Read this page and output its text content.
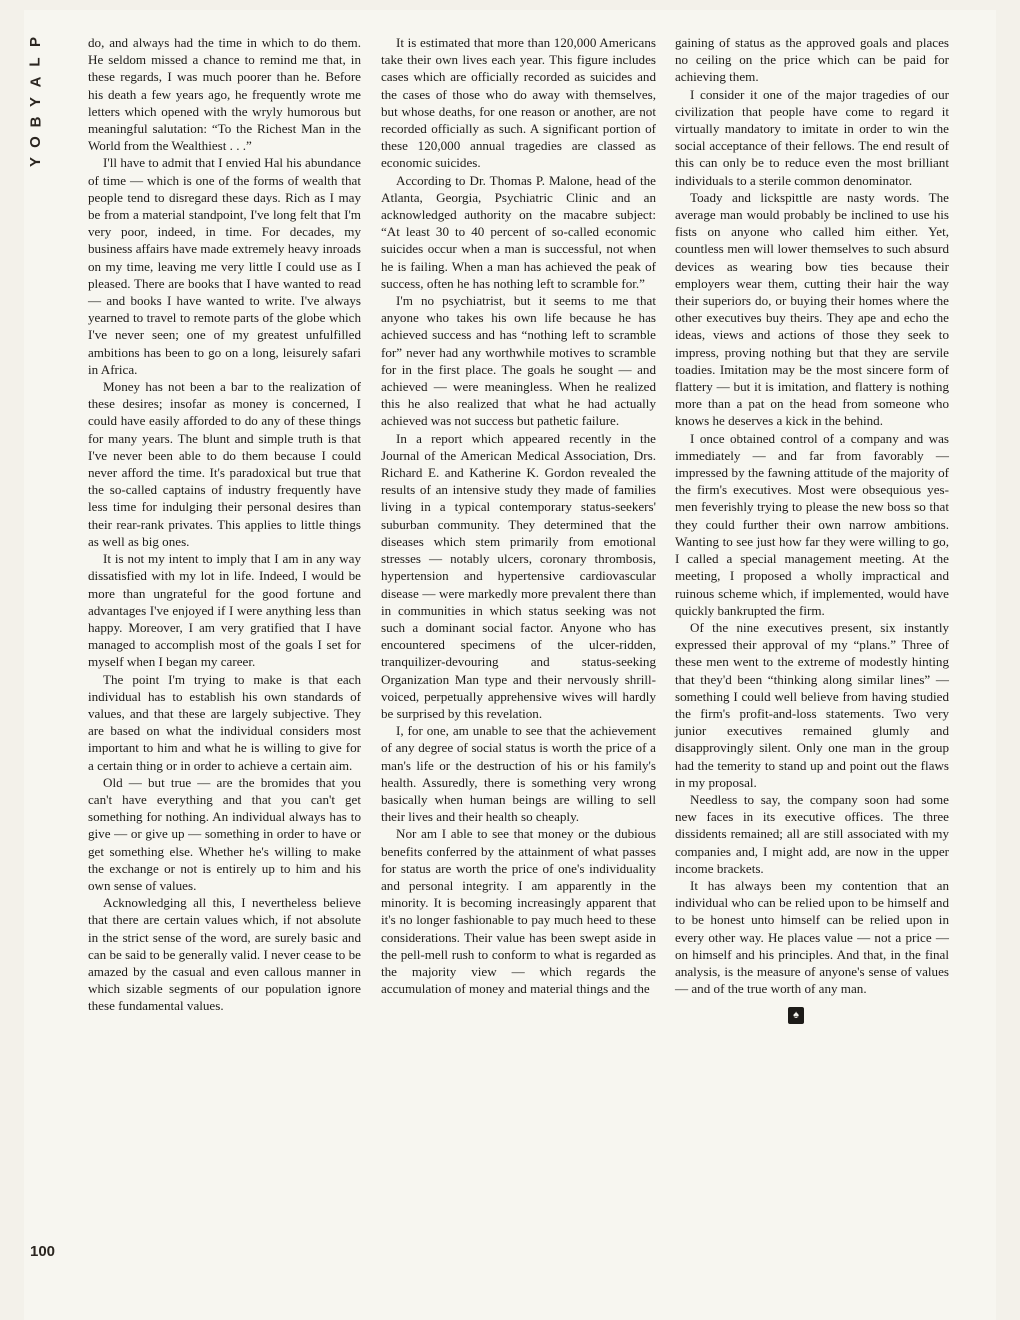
P
L
A
Y
B
O
Y
100

do, and always had the time in which to do them. He seldom missed a chance to remind me that, in these regards, I was much poorer than he. Before his death a few years ago, he frequently wrote me letters which opened with the wryly humorous but meaningful salutation: “To the Richest Man in the World from the Wealthiest . . .”

I'll have to admit that I envied Hal his abundance of time — which is one of the forms of wealth that people tend to disregard these days. Rich as I may be from a material standpoint, I've long felt that I'm very poor, indeed, in time. For decades, my business affairs have made extremely heavy inroads on my time, leaving me very little I could use as I pleased. There are books that I have wanted to read — and books I have wanted to write. I've always yearned to travel to remote parts of the globe which I've never seen; one of my greatest unfulfilled ambitions has been to go on a long, leisurely safari in Africa.

Money has not been a bar to the realization of these desires; insofar as money is concerned, I could have easily afforded to do any of these things for many years. The blunt and simple truth is that I've never been able to do them because I could never afford the time. It's paradoxical but true that the so-called captains of industry frequently have less time for indulging their personal desires than their rear-rank privates. This applies to little things as well as big ones.

It is not my intent to imply that I am in any way dissatisfied with my lot in life. Indeed, I would be more than ungrateful for the good fortune and advantages I've enjoyed if I were anything less than happy. Moreover, I am very gratified that I have managed to accomplish most of the goals I set for myself when I began my career.

The point I'm trying to make is that each individual has to establish his own standards of values, and that these are largely subjective. They are based on what the individual considers most important to him and what he is willing to give for a certain thing or in order to achieve a certain aim.

Old — but true — are the bromides that you can't have everything and that you can't get something for nothing. An individual always has to give — or give up — something in order to have or get something else. Whether he's willing to make the exchange or not is entirely up to him and his own sense of values.

Acknowledging all this, I nevertheless believe that there are certain values which, if not absolute in the strict sense of the word, are surely basic and can be said to be generally valid. I never cease to be amazed by the casual and even callous manner in which sizable segments of our population ignore these fundamental values.

It is estimated that more than 120,000 Americans take their own lives each year. This figure includes cases which are officially recorded as suicides and the cases of those who do away with themselves, but whose deaths, for one reason or another, are not recorded officially as such. A significant portion of these 120,000 annual tragedies are classed as economic suicides.

According to Dr. Thomas P. Malone, head of the Atlanta, Georgia, Psychiatric Clinic and an acknowledged authority on the macabre subject: “At least 30 to 40 percent of so-called economic suicides occur when a man is successful, not when he is failing. When a man has achieved the peak of success, often he has nothing left to scramble for.”

I'm no psychiatrist, but it seems to me that anyone who takes his own life because he has achieved success and has “nothing left to scramble for” never had any worthwhile motives to scramble for in the first place. The goals he sought — and achieved — were meaningless. When he realized this he also realized that what he had actually achieved was not success but pathetic failure.

In a report which appeared recently in the Journal of the American Medical Association, Drs. Richard E. and Katherine K. Gordon revealed the results of an intensive study they made of families living in a typical contemporary status-seekers' suburban community. They determined that the diseases which stem primarily from emotional stresses — notably ulcers, coronary thrombosis, hypertension and hypertensive cardiovascular disease — were markedly more prevalent there than in communities in which status seeking was not such a dominant social factor. Anyone who has encountered specimens of the ulcer-ridden, tranquilizer-devouring and status-seeking Organization Man type and their nervously shrill-voiced, perpetually apprehensive wives will hardly be surprised by this revelation.

I, for one, am unable to see that the achievement of any degree of social status is worth the price of a man's life or the destruction of his or his family's health. Assuredly, there is something very wrong basically when human beings are willing to sell their lives and their health so cheaply.

Nor am I able to see that money or the dubious benefits conferred by the attainment of what passes for status are worth the price of one's individuality and personal integrity. I am apparently in the minority. It is becoming increasingly apparent that it's no longer fashionable to pay much heed to these considerations. Their value has been swept aside in the pell-mell rush to conform to what is regarded as the majority view — which regards the accumulation of money and material things and the

gaining of status as the approved goals and places no ceiling on the price which can be paid for achieving them.

I consider it one of the major tragedies of our civilization that people have come to regard it virtually mandatory to imitate in order to win the social acceptance of their fellows. The end result of this can only be to reduce even the most brilliant individuals to a sterile common denominator.

Toady and lickspittle are nasty words. The average man would probably be inclined to use his fists on anyone who called him either. Yet, countless men will lower themselves to such absurd devices as wearing bow ties because their employers wear them, cutting their hair the way their superiors do, or buying their homes where the other executives buy theirs. They ape and echo the ideas, views and actions of those they seek to impress, proving nothing but that they are servile toadies. Imitation may be the most sincere form of flattery — but it is imitation, and flattery is nothing more than a pat on the head from someone who knows he deserves a kick in the behind.

I once obtained control of a company and was immediately — and far from favorably — impressed by the fawning attitude of the majority of the firm's executives. Most were obsequious yes-men feverishly trying to please the new boss so that they could further their own narrow ambitions. Wanting to see just how far they were willing to go, I called a special management meeting. At the meeting, I proposed a wholly impractical and ruinous scheme which, if implemented, would have quickly bankrupted the firm.

Of the nine executives present, six instantly expressed their approval of my “plans.” Three of these men went to the extreme of modestly hinting that they'd been “thinking along similar lines” — something I could well believe from having studied the firm's profit-and-loss statements. Two very junior executives remained glumly and disapprovingly silent. Only one man in the group had the temerity to stand up and point out the flaws in my proposal.

Needless to say, the company soon had some new faces in its executive offices. The three dissidents remained; all are still associated with my companies and, I might add, are now in the upper income brackets.

It has always been my contention that an individual who can be relied upon to be himself and to be honest unto himself can be relied upon in every other way. He places value — not a price — on himself and his principles. And that, in the final analysis, is the measure of anyone's sense of values — and of the true worth of any man.

♠
